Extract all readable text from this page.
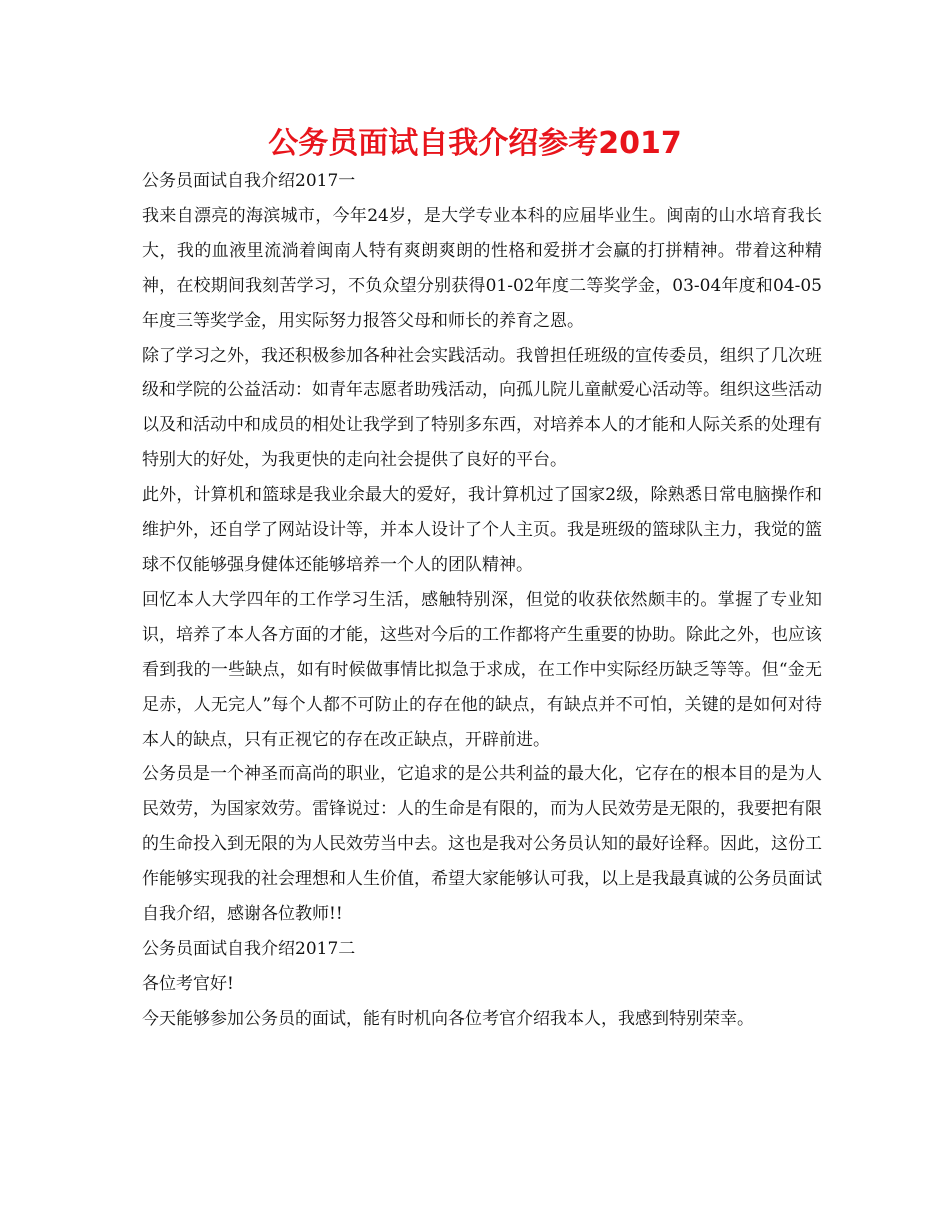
公务员面试自我介绍参考2017

公务员面试自我介绍2017一

我来自漂亮的海滨城市，今年24岁，是大学专业本科的应届毕业生。闽南的山水培育我长大，我的血液里流淌着闽南人特有爽朗爽朗的性格和爱拼才会赢的打拼精神。带着这种精神，在校期间我刻苦学习，不负众望分别获得01-02年度二等奖学金，03-04年度和04-05年度三等奖学金，用实际努力报答父母和师长的养育之恩。

除了学习之外，我还积极参加各种社会实践活动。我曾担任班级的宣传委员，组织了几次班级和学院的公益活动：如青年志愿者助残活动，向孤儿院儿童献爱心活动等。组织这些活动以及和活动中和成员的相处让我学到了特别多东西，对培养本人的才能和人际关系的处理有特别大的好处，为我更快的走向社会提供了良好的平台。

此外，计算机和篮球是我业余最大的爱好，我计算机过了国家2级，除熟悉日常电脑操作和维护外，还自学了网站设计等，并本人设计了个人主页。我是班级的篮球队主力，我觉的篮球不仅能够强身健体还能够培养一个人的团队精神。

回忆本人大学四年的工作学习生活，感触特别深，但觉的收获依然颇丰的。掌握了专业知识，培养了本人各方面的才能，这些对今后的工作都将产生重要的协助。除此之外，也应该看到我的一些缺点，如有时候做事情比拟急于求成，在工作中实际经历缺乏等等。但“金无足赤，人无完人”每个人都不可防止的存在他的缺点，有缺点并不可怕，关键的是如何对待本人的缺点，只有正视它的存在改正缺点，开辟前进。

公务员是一个神圣而高尚的职业，它追求的是公共利益的最大化，它存在的根本目的是为人民效劳，为国家效劳。雷锋说过：人的生命是有限的，而为人民效劳是无限的，我要把有限的生命投入到无限的为人民效劳当中去。这也是我对公务员认知的最好诠释。因此，这份工作能够实现我的社会理想和人生价值，希望大家能够认可我，以上是我最真诚的公务员面试自我介绍，感谢各位教师!!

公务员面试自我介绍2017二

各位考官好!

今天能够参加公务员的面试，能有时机向各位考官介绍我本人，我感到特别荣幸。
